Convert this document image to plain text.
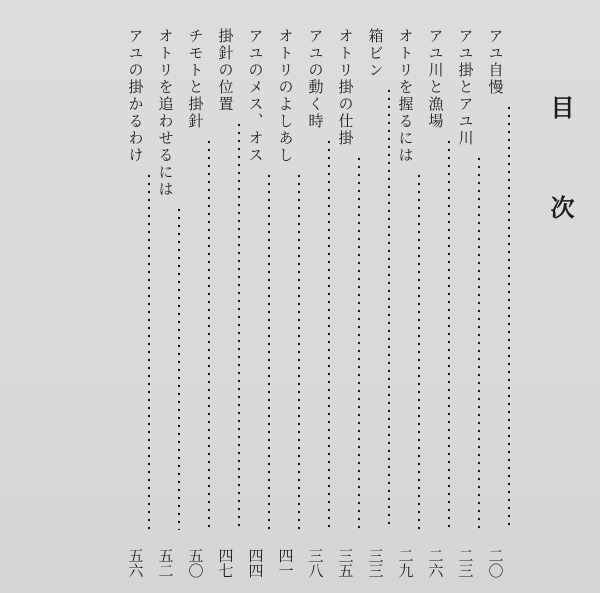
目次
アユ自慢
二〇
アユ掛とアユ川
二三
アユ川と漁場
二六
オトリを握るには
二九
箱ビン
三三
オトリ掛の仕掛
三五
アユの動く時
三八
オトリのよしあし
四一
アユのメス、オス
四四
掛針の位置
四七
チモトと掛針
五〇
オトリを追わせるには
五二
アユの掛かるわけ
五六
